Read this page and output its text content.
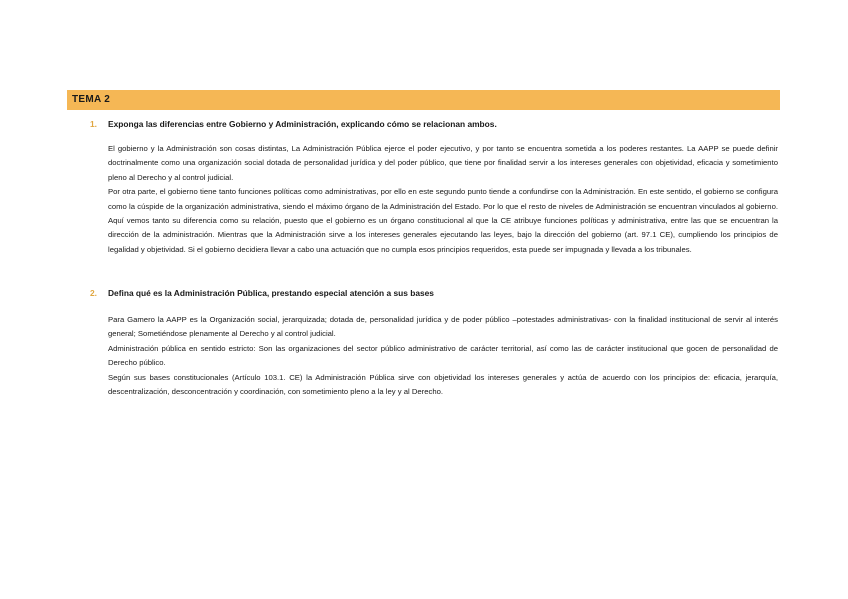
TEMA 2
1. Exponga las diferencias entre Gobierno y Administración, explicando cómo se relacionan ambos.

El gobierno y la Administración son cosas distintas, La Administración Pública ejerce el poder ejecutivo, y por tanto se encuentra sometida a los poderes restantes. La AAPP se puede definir doctrinalmente como una organización social dotada de personalidad jurídica y del poder público, que tiene por finalidad servir a los intereses generales con objetividad, eficacia y sometimiento pleno al Derecho y al control judicial.

Por otra parte, el gobierno tiene tanto funciones políticas como administrativas, por ello en este segundo punto tiende a confundirse con la Administración. En este sentido, el gobierno se configura como la cúspide de la organización administrativa, siendo el máximo órgano de la Administración del Estado. Por lo que el resto de niveles de Administración se encuentran vinculados al gobierno. Aquí vemos tanto su diferencia como su relación, puesto que el gobierno es un órgano constitucional al que la CE atribuye funciones políticas y administrativa, entre las que se encuentran la dirección de la administración. Mientras que la Administración sirve a los intereses generales ejecutando las leyes, bajo la dirección del gobierno (art. 97.1 CE), cumpliendo los principios de legalidad y objetividad. Si el gobierno decidiera llevar a cabo una actuación que no cumpla esos principios requeridos, esta puede ser impugnada y llevada a los tribunales.

2. Defina qué es la Administración Pública, prestando especial atención a sus bases

Para Gamero la AAPP es la Organización social, jerarquizada; dotada de, personalidad jurídica y de poder público –potestades administrativas- con la finalidad institucional de servir al interés general; Sometiéndose plenamente al Derecho y al control judicial.

Administración pública en sentido estricto: Son las organizaciones del sector público administrativo de carácter territorial, así como las de carácter institucional que gocen de personalidad de Derecho público.

Según sus bases constitucionales (Artículo 103.1. CE) la Administración Pública sirve con objetividad los intereses generales y actúa de acuerdo con los principios de: eficacia, jerarquía, descentralización, desconcentración y coordinación, con sometimiento pleno a la ley y al Derecho.
